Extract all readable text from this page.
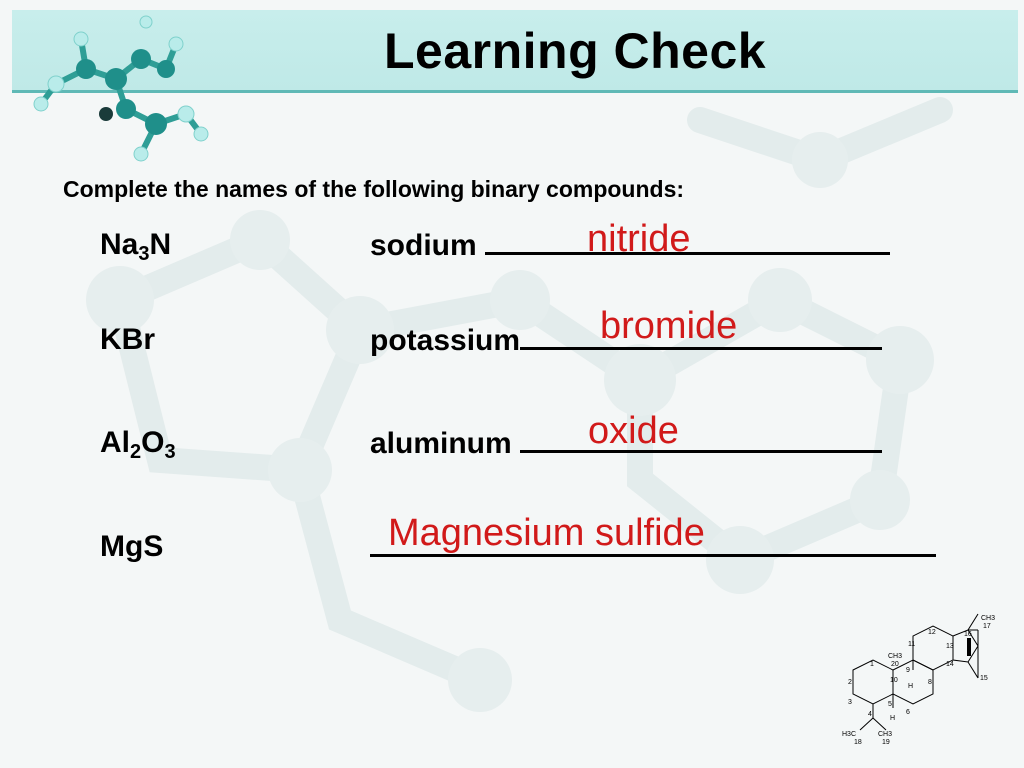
Learning Check
Complete the names of the following binary compounds:
$Na_3N$	sodium	nitride
KBr	potassium	bromide
$Al_2O_3$	aluminum	oxide
MgS	Magnesium sulfide
CH3
17
CH3
20
H
H
H3C
18
CH3
19
1
2
3
4
5
6
8
9
10
11
12
13
14
15
16
